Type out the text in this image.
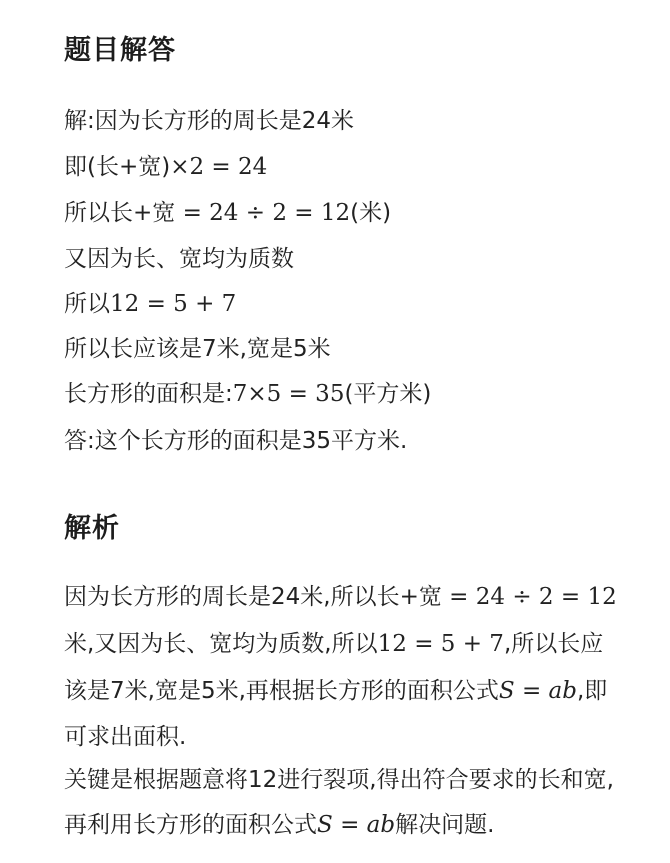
题目解答

解:因为长方形的周长是24米

即(长+宽)×2 = 24

所以长+宽 = 24 ÷ 2 = 12(米)

又因为长、宽均为质数

所以12 = 5 + 7

所以长应该是7米,宽是5米

长方形的面积是:7×5 = 35(平方米)

答:这个长方形的面积是35平方米.

解析

因为长方形的周长是24米,所以长+宽 = 24 ÷ 2 = 12

米,又因为长、宽均为质数,所以12 = 5 + 7,所以长应

该是7米,宽是5米,再根据长方形的面积公式S = ab,即

可求出面积.

关键是根据题意将12进行裂项,得出符合要求的长和宽,

再利用长方形的面积公式S = ab解决问题.
